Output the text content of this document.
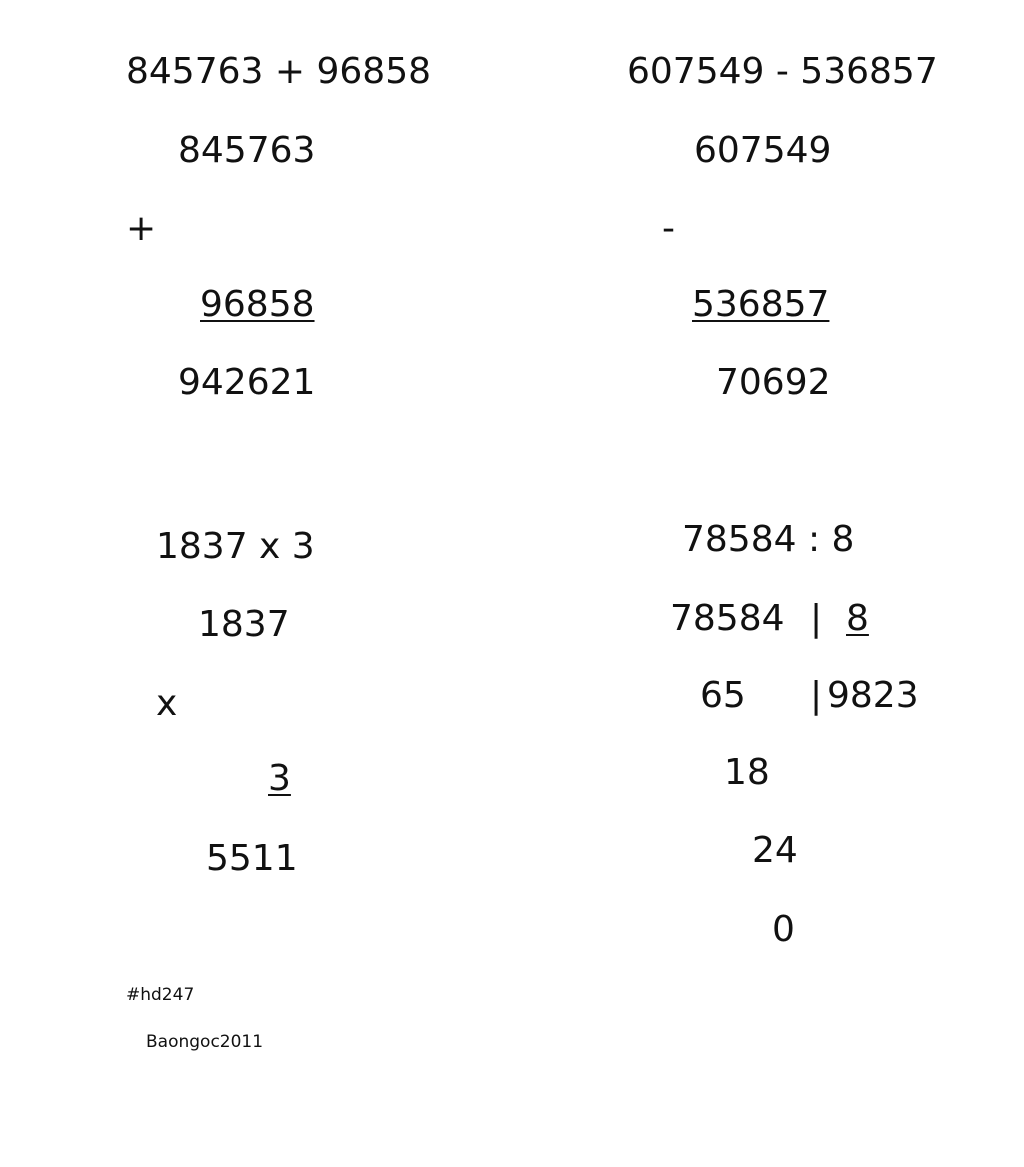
845763 + 96858
845763
+
96858
942621
607549 - 536857
607549
-
536857
70692
1837 x 3
1837
x
3
5511
78584 : 8
78584 | 8
65 | 9823
18
24
0
#hd247
Baongoc2011
